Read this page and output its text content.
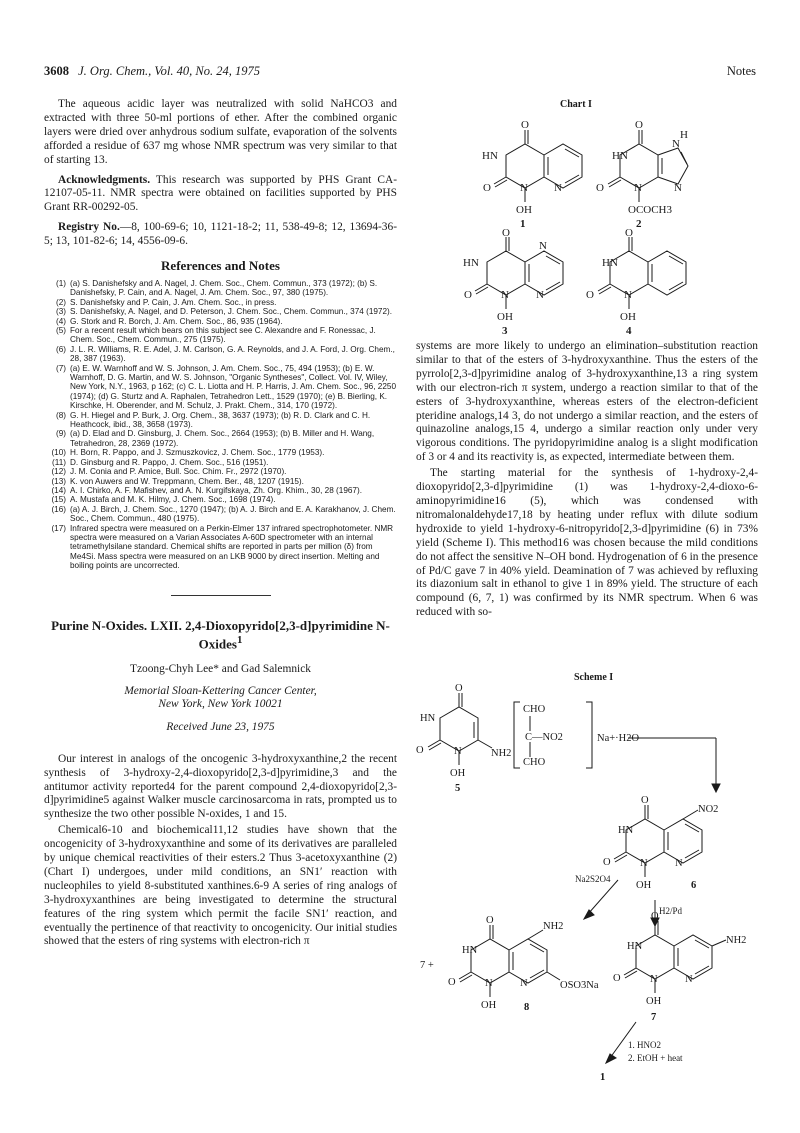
3608 J. Org. Chem., Vol. 40, No. 24, 1975	Notes

The aqueous acidic layer was neutralized with solid NaHCO3 and extracted with three 50-ml portions of ether. After the combined organic layers were dried over anhydrous sodium sulfate, evaporation of the solvents afforded a residue of 637 mg whose NMR spectrum was very similar to that of starting 13.

Acknowledgments. This research was supported by PHS Grant CA-12107-05-11. NMR spectra were obtained on facilities supported by PHS Grant RR-00292-05.

Registry No.—8, 100-69-6; 10, 1121-18-2; 11, 538-49-8; 12, 13694-36-5; 13, 101-82-6; 14, 4556-09-6.

References and Notes
(1) (a) S. Danishefsky and A. Nagel, J. Chem. Soc., Chem. Commun., 373 (1972); (b) S. Danishefsky, P. Cain, and A. Nagel, J. Am. Chem. Soc., 97, 380 (1975).
(2) S. Danishefsky and P. Cain, J. Am. Chem. Soc., in press.
(3) S. Danishefsky, A. Nagel, and D. Peterson, J. Chem. Soc., Chem. Commun., 374 (1972).
(4) G. Stork and R. Borch, J. Am. Chem. Soc., 86, 935 (1964).
(5) For a recent result which bears on this subject see C. Alexandre and F. Ronessac, J. Chem. Soc., Chem. Commun., 275 (1975).
(6) J. L. R. Williams, R. E. Adel, J. M. Carlson, G. A. Reynolds, and J. A. Ford, J. Org. Chem., 28, 387 (1963).
(7) (a) E. W. Warnhoff and W. S. Johnson, J. Am. Chem. Soc., 75, 494 (1953); (b) E. W. Warnhoff, D. G. Martin, and W. S. Johnson, "Organic Syntheses", Collect. Vol. IV, Wiley, New York, N.Y., 1963, p 162; (c) C. L. Liotta and H. P. Harris, J. Am. Chem. Soc., 96, 2250 (1974); (d) G. Sturtz and A. Raphalen, Tetrahedron Lett., 1529 (1970); (e) B. Bierling, K. Kirschke, H. Oberender, and M. Schulz, J. Prakt. Chem., 314, 170 (1972).
(8) G. H. Hiegel and P. Burk, J. Org. Chem., 38, 3637 (1973); (b) R. D. Clark and C. H. Heathcock, ibid., 38, 3658 (1973).
(9) (a) D. Elad and D. Ginsburg, J. Chem. Soc., 2664 (1953); (b) B. Miller and H. Wang, Tetrahedron, 28, 2369 (1972).
(10) H. Born, R. Pappo, and J. Szmuszkovicz, J. Chem. Soc., 1779 (1953).
(11) D. Ginsburg and R. Pappo, J. Chem. Soc., 516 (1951).
(12) J. M. Conia and P. Amice, Bull. Soc. Chim. Fr., 2972 (1970).
(13) K. von Auwers and W. Treppmann, Chem. Ber., 48, 1207 (1915).
(14) A. I. Chirko, A. F. Mafishev, and A. N. Kurgifskaya, Zh. Org. Khim., 30, 28 (1967).
(15) A. Mustafa and M. K. Hilmy, J. Chem. Soc., 1698 (1974).
(16) (a) A. J. Birch, J. Chem. Soc., 1270 (1947); (b) A. J. Birch and E. A. Karakhanov, J. Chem. Soc., Chem. Commun., 480 (1975).
(17) Infrared spectra were measured on a Perkin-Elmer 137 infrared spectrophotometer. NMR spectra were measured on a Varian Associates A-60D spectrometer with an internal tetramethylsilane standard. Chemical shifts are reported in parts per million (δ) from Me4Si. Mass spectra were measured on an LKB 9000 by direct insertion. Melting and boiling points are uncorrected.
Purine N-Oxides. LXII. 2,4-Dioxopyrido[2,3-d]pyrimidine N-Oxides$^1$
Tzoong-Chyh Lee* and Gad Salemnick
Memorial Sloan-Kettering Cancer Center,
New York, New York 10021
Received June 23, 1975

Our interest in analogs of the oncogenic 3-hydroxyxanthine,2 the recent synthesis of 3-hydroxy-2,4-dioxopyrido[2,3-d]pyrimidine,3 and the antitumor activity reported4 for the parent compound 2,4-dioxopyrido[2,3-d]pyrimidine5 against Walker muscle carcinosarcoma in rats, prompted us to synthesize the two other possible N-oxides, 1 and 15.

Chemical6-10 and biochemical11,12 studies have shown that the oncogenicity of 3-hydroxyxanthine and some of its derivatives are paralleled by unique chemical reactivities of their esters.2 Thus 3-acetoxyxanthine (2) (Chart I) undergoes, under mild conditions, an SN1′ reaction with nucleophiles to yield 8-substituted xanthines.6-9 A series of ring analogs of 3-hydroxyxanthines are being investigated to determine the structural features of the ring system which permit the facile SN1′ reaction, and eventually the pertinence of that reactivity to oncogenicity. Our initial studies showed that the esters of ring systems with electron-rich π

Chart I
O
HN
O	N N
OH
1
O
HN
O	N
N
H
N
OCOCH3
2
O
HN
O	N
N
N
OH
3
O
HN
O	N
OH
4

systems are more likely to undergo an elimination–substitution reaction similar to that of the esters of 3-hydroxyxanthine. Thus the esters of the pyrrolo[2,3-d]pyrimidine analog of 3-hydroxyxanthine,13 a ring system with our electron-rich π system, undergo a reaction similar to that of the esters of 3-hydroxyxanthine, whereas esters of the electron-deficient pteridine analogs,14 3, do not undergo a similar reaction, and the esters of quinazoline analogs,15 4, undergo a similar reaction only under very vigorous conditions. The pyridopyrimidine analog is a slight modification of 3 or 4 and its reactivity is, as expected, intermediate between them.

The starting material for the synthesis of 1-hydroxy-2,4-dioxopyrido[2,3-d]pyrimidine (1) was 1-hydroxy-2,4-dioxo-6-aminopyrimidine16 (5), which was condensed with nitromalonaldehyde17,18 by heating under reflux with dilute sodium hydroxide to yield 1-hydroxy-6-nitropyrido[2,3-d]pyrimidine (6) in 73% yield (Scheme I). This method16 was chosen because the mild conditions do not affect the sensitive N–OH bond. Hydrogenation of 6 in the presence of Pd/C gave 7 in 40% yield. Deamination of 7 was achieved by refluxing its diazonium salt in ethanol to give 1 in 89% yield. The structure of each compound (6, 7, 1) was confirmed by its NMR spectrum. When 6 was reduced with so-

Scheme I
O
HN
O	N	NH2
OH
5
CHO
C—NO2
CHO
Na+·H2O
O
HN
O	N	N
NO2
OH	6
Na2S2O4
H2/Pd
7 +
O
HN
O	N	N
NH2
OSO3Na
OH	8
O
HN
O	N	N
NH2
OH
7
1. HNO2
2. EtOH + heat
1
